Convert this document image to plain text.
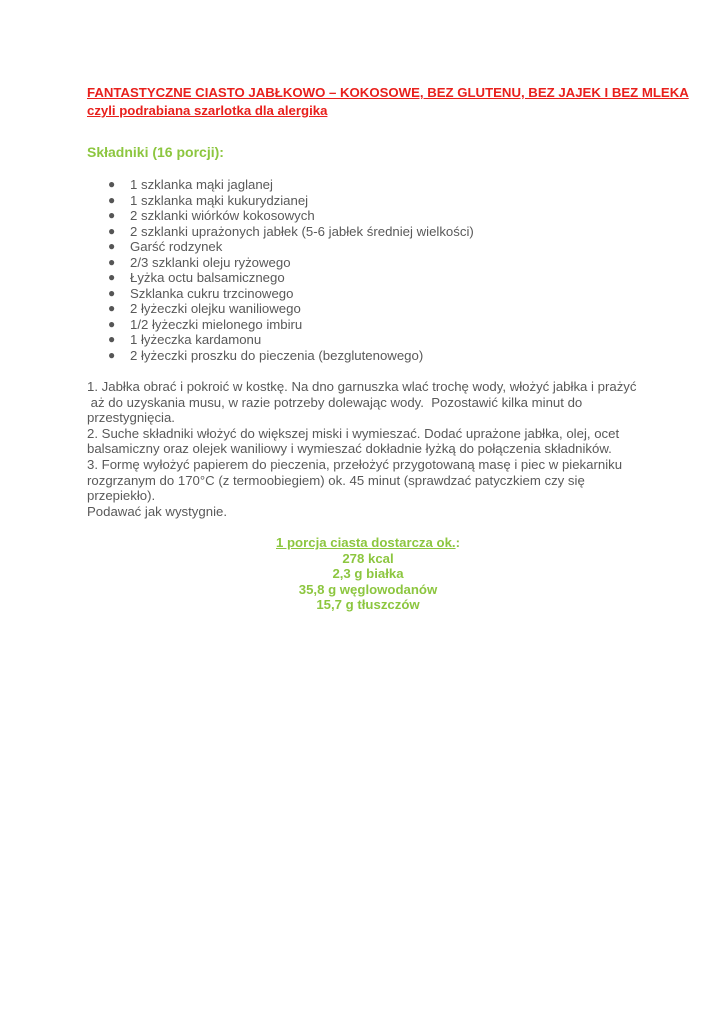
FANTASTYCZNE CIASTO JABŁKOWO – KOKOSOWE, BEZ GLUTENU, BEZ JAJEK I BEZ MLEKA

czyli podrabiana szarlotka dla alergika

Składniki (16 porcji):

● 1 szklanka mąki jaglanej
● 1 szklanka mąki kukurydzianej
● 2 szklanki wiórków kokosowych
● 2 szklanki uprażonych jabłek (5-6 jabłek średniej wielkości)
● Garść rodzynek
● 2/3 szklanki oleju ryżowego
● Łyżka octu balsamicznego
● Szklanka cukru trzcinowego
● 2 łyżeczki olejku waniliowego
● 1/2 łyżeczki mielonego imbiru
● 1 łyżeczka kardamonu
● 2 łyżeczki proszku do pieczenia (bezglutenowego)

1. Jabłka obrać i pokroić w kostkę. Na dno garnuszka wlać trochę wody, włożyć jabłka i prażyć

aż do uzyskania musu, w razie potrzeby dolewając wody.  Pozostawić kilka minut do

przestygnięcia.

2. Suche składniki włożyć do większej miski i wymieszać. Dodać uprażone jabłka, olej, ocet

balsamiczny oraz olejek waniliowy i wymieszać dokładnie łyżką do połączenia składników.

3. Formę wyłożyć papierem do pieczenia, przełożyć przygotowaną masę i piec w piekarniku

rozgrzanym do 170°C (z termoobiegiem) ok. 45 minut (sprawdzać patyczkiem czy się przepiekło).

Podawać jak wystygnie.

1 porcja ciasta dostarcza ok.:
278 kcal
2,3 g białka
35,8 g węglowodanów
15,7 g tłuszczów
